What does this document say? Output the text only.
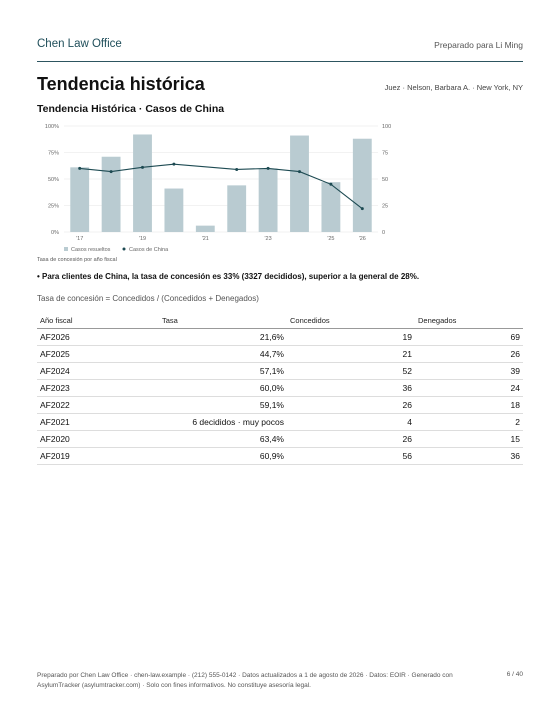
Chen Law Office	Preparado para Li Ming
Tendencia histórica	Juez · Nelson, Barbara A. · New York, NY
Tendencia Histórica · Casos de China
0%
25%
50%
75%
100%
0
25
50
75
100
'17	'19	'21	'23	'25	'26
Casos resueltos	Casos de China
Tasa de concesión por año fiscal
• Para clientes de China, la tasa de concesión es 33% (3327 decididos), superior a la general de 28%.
Tasa de concesión = Concedidos / (Concedidos + Denegados)
Año fiscal	Tasa	Concedidos	Denegados
AF2026	21,6%	19	69
AF2025	44,7%	21	26
AF2024	57,1%	52	39
AF2023	60,0%	36	24
AF2022	59,1%	26	18
AF2021	6 decididos · muy pocos	4	2
AF2020	63,4%	26	15
AF2019	60,9%	56	36
Preparado por Chen Law Office · chen-law.example · (212) 555-0142 · Datos actualizados a 1 de agosto de 2026 · Datos: EOIR · Generado con AsylumTracker (asylumtracker.com) · Solo con fines informativos. No constituye asesoría legal.
6 / 40
